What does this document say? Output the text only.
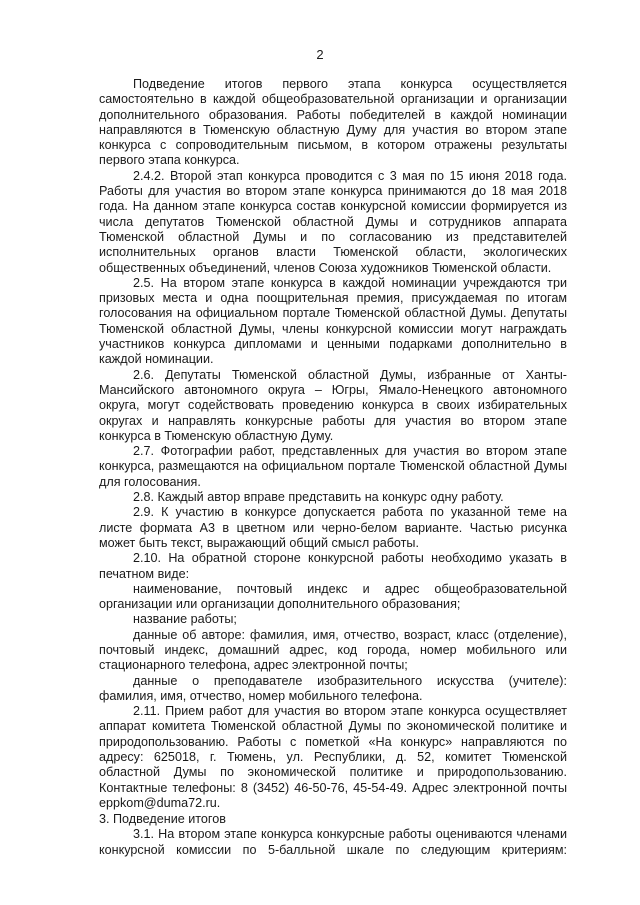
2

Подведение итогов первого этапа конкурса осуществляется самостоятельно в каждой общеобразовательной организации и организации дополнительного образования. Работы победителей в каждой номинации направляются в Тюменскую областную Думу для участия во втором этапе конкурса с сопроводительным письмом, в котором отражены результаты первого этапа конкурса.

2.4.2. Второй этап конкурса проводится с 3 мая по 15 июня 2018 года. Работы для участия во втором этапе конкурса принимаются до 18 мая 2018 года. На данном этапе конкурса состав конкурсной комиссии формируется из числа депутатов Тюменской областной Думы и сотрудников аппарата Тюменской областной Думы и по согласованию из представителей исполнительных органов власти Тюменской области, экологических общественных объединений, членов Союза художников Тюменской области.

2.5. На втором этапе конкурса в каждой номинации учреждаются три призовых места и одна поощрительная премия, присуждаемая по итогам голосования на официальном портале Тюменской областной Думы. Депутаты Тюменской областной Думы, члены конкурсной комиссии могут награждать участников конкурса дипломами и ценными подарками дополнительно в каждой номинации.

2.6. Депутаты Тюменской областной Думы, избранные от Ханты-Мансийского автономного округа – Югры, Ямало-Ненецкого автономного округа, могут содействовать проведению конкурса в своих избирательных округах и направлять конкурсные работы для участия во втором этапе конкурса в Тюменскую областную Думу.

2.7. Фотографии работ, представленных для участия во втором этапе конкурса, размещаются на официальном портале Тюменской областной Думы для голосования.

2.8. Каждый автор вправе представить на конкурс одну работу.

2.9. К участию в конкурсе допускается работа по указанной теме на листе формата А3 в цветном или черно-белом варианте. Частью рисунка может быть текст, выражающий общий смысл работы.

2.10. На обратной стороне конкурсной работы необходимо указать в печатном виде:

наименование, почтовый индекс и адрес общеобразовательной организации или организации дополнительного образования;

название работы;

данные об авторе: фамилия, имя, отчество, возраст, класс (отделение), почтовый индекс, домашний адрес, код города, номер мобильного или стационарного телефона, адрес электронной почты;

данные о преподавателе изобразительного искусства (учителе): фамилия, имя, отчество, номер мобильного телефона.

2.11. Прием работ для участия во втором этапе конкурса осуществляет аппарат комитета Тюменской областной Думы по экономической политике и природопользованию. Работы с пометкой «На конкурс» направляются по адресу: 625018, г. Тюмень, ул. Республики, д. 52, комитет Тюменской областной Думы по экономической политике и природопользованию. Контактные телефоны: 8 (3452) 46-50-76, 45-54-49. Адрес электронной почты eppkom@duma72.ru.

3. Подведение итогов

3.1. На втором этапе конкурса конкурсные работы оцениваются членами конкурсной комиссии по 5-балльной шкале по следующим критериям:
